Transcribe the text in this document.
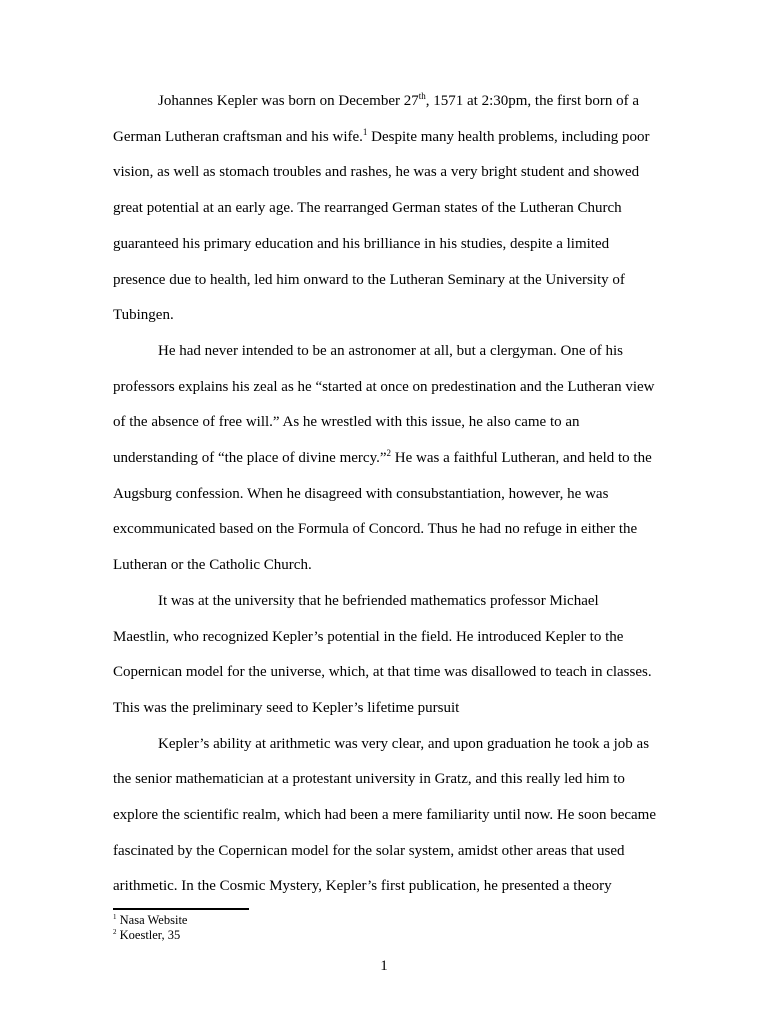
Johannes Kepler was born on December 27th, 1571 at 2:30pm, the first born of a German Lutheran craftsman and his wife.$^1$ Despite many health problems, including poor vision, as well as stomach troubles and rashes, he was a very bright student and showed great potential at an early age. The rearranged German states of the Lutheran Church guaranteed his primary education and his brilliance in his studies, despite a limited presence due to health, led him onward to the Lutheran Seminary at the University of Tubingen.

He had never intended to be an astronomer at all, but a clergyman. One of his professors explains his zeal as he “started at once on predestination and the Lutheran view of the absence of free will.” As he wrestled with this issue, he also came to an understanding of “the place of divine mercy.”$^2$ He was a faithful Lutheran, and held to the Augsburg confession. When he disagreed with consubstantiation, however, he was excommunicated based on the Formula of Concord. Thus he had no refuge in either the Lutheran or the Catholic Church.

It was at the university that he befriended mathematics professor Michael Maestlin, who recognized Kepler’s potential in the field. He introduced Kepler to the Copernican model for the universe, which, at that time was disallowed to teach in classes. This was the preliminary seed to Kepler’s lifetime pursuit

Kepler’s ability at arithmetic was very clear, and upon graduation he took a job as the senior mathematician at a protestant university in Gratz, and this really led him to explore the scientific realm, which had been a mere familiarity until now. He soon became fascinated by the Copernican model for the solar system, amidst other areas that used arithmetic. In the Cosmic Mystery, Kepler’s first publication, he presented a theory

$^1$ Nasa Website
$^2$ Koestler, 35
1
